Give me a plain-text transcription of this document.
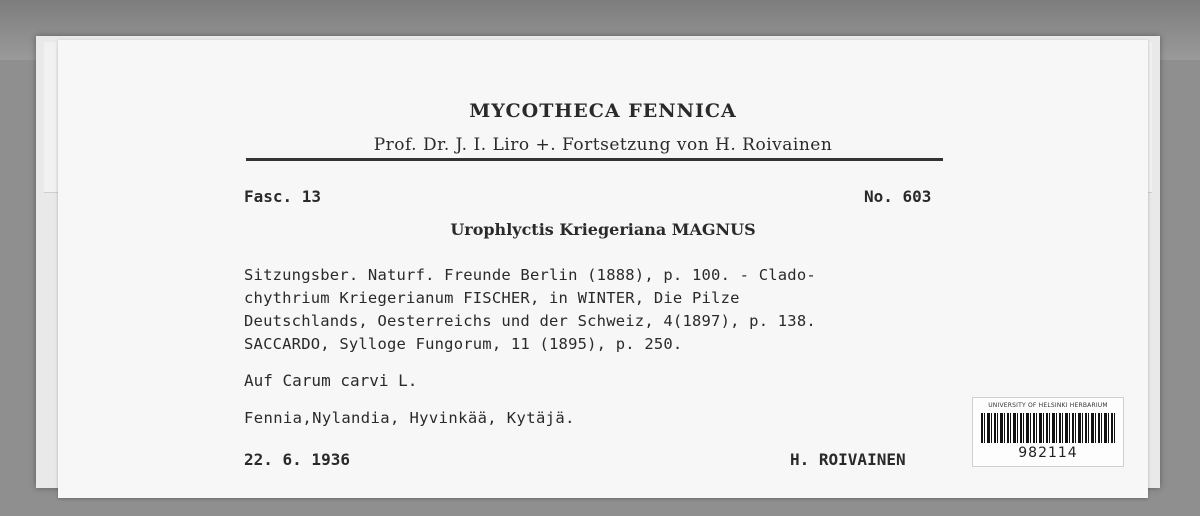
MYCOTHECA FENNICA
Prof. Dr. J. I. Liro +. Fortsetzung von H. Roivainen
Fasc. 13	No. 603
Urophlyctis Kriegeriana MAGNUS
Sitzungsber. Naturf. Freunde Berlin (1888), p. 100. - Clado-
chythrium Kriegerianum FISCHER, in WINTER, Die Pilze
Deutschlands, Oesterreichs und der Schweiz, 4(1897), p. 138.
SACCARDO, Sylloge Fungorum, 11 (1895), p. 250.
Auf Carum carvi L.
Fennia,Nylandia, Hyvinkää, Kytäjä.
22. 6. 1936	H. ROIVAINEN
UNIVERSITY OF HELSINKI HERBARIUM
982114
